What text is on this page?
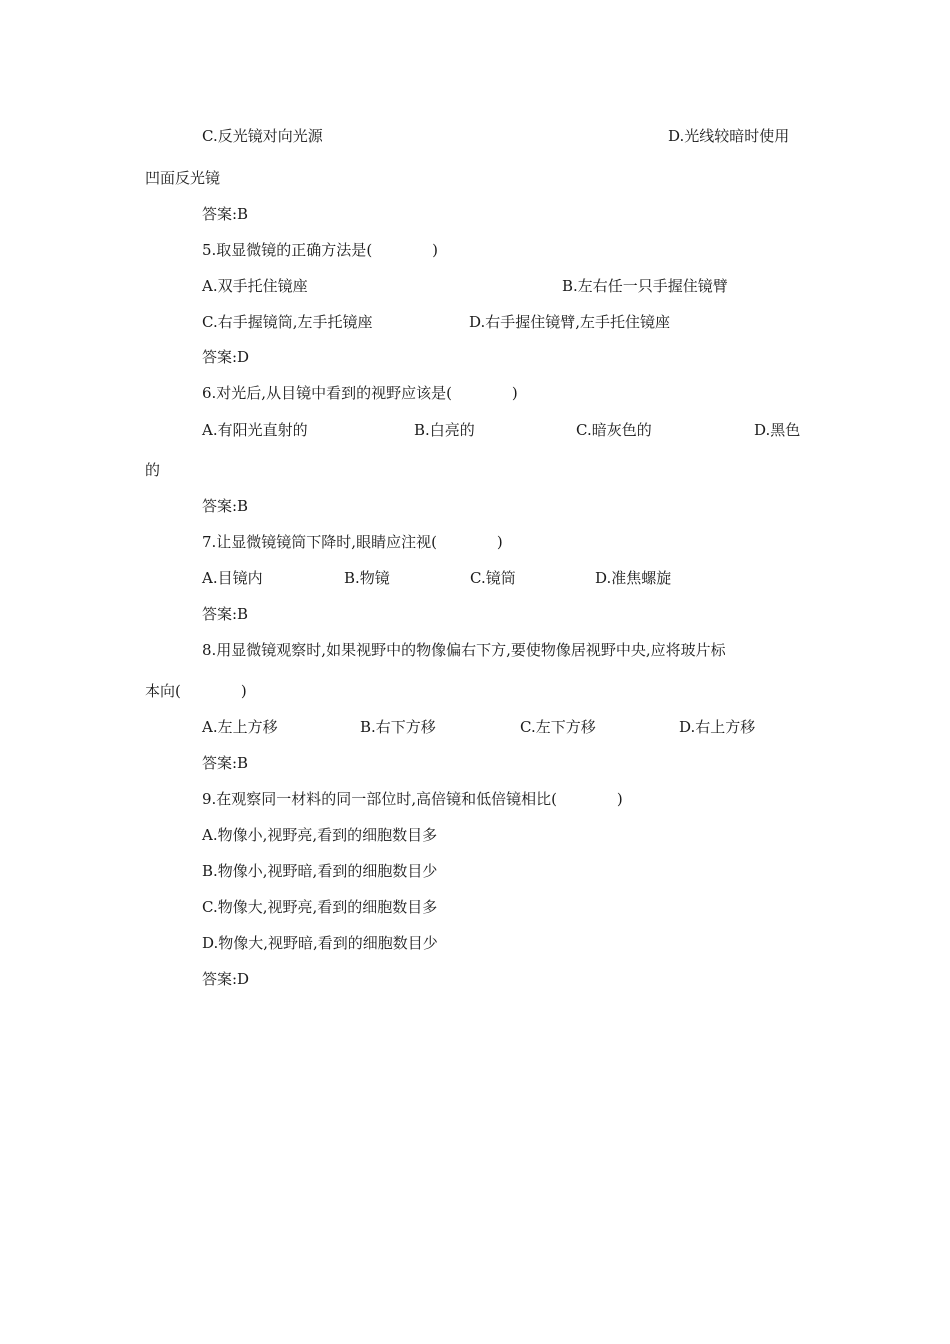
C.反光镜对向光源	D.光线较暗时使用
凹面反光镜
答案:B
5.取显微镜的正确方法是(　　　　)
A.双手托住镜座	B.左右任一只手握住镜臂
C.右手握镜筒,左手托镜座	D.右手握住镜臂,左手托住镜座
答案:D
6.对光后,从目镜中看到的视野应该是(　　　　)
A.有阳光直射的	B.白亮的	C.暗灰色的	D.黑色
的
答案:B
7.让显微镜镜筒下降时,眼睛应注视(　　　　)
A.目镜内	B.物镜	C.镜筒	D.准焦螺旋
答案:B
8.用显微镜观察时,如果视野中的物像偏右下方,要使物像居视野中央,应将玻片标
本向(　　　　)
A.左上方移	B.右下方移	C.左下方移	D.右上方移
答案:B
9.在观察同一材料的同一部位时,高倍镜和低倍镜相比(　　　　)
A.物像小,视野亮,看到的细胞数目多
B.物像小,视野暗,看到的细胞数目少
C.物像大,视野亮,看到的细胞数目多
D.物像大,视野暗,看到的细胞数目少
答案:D
